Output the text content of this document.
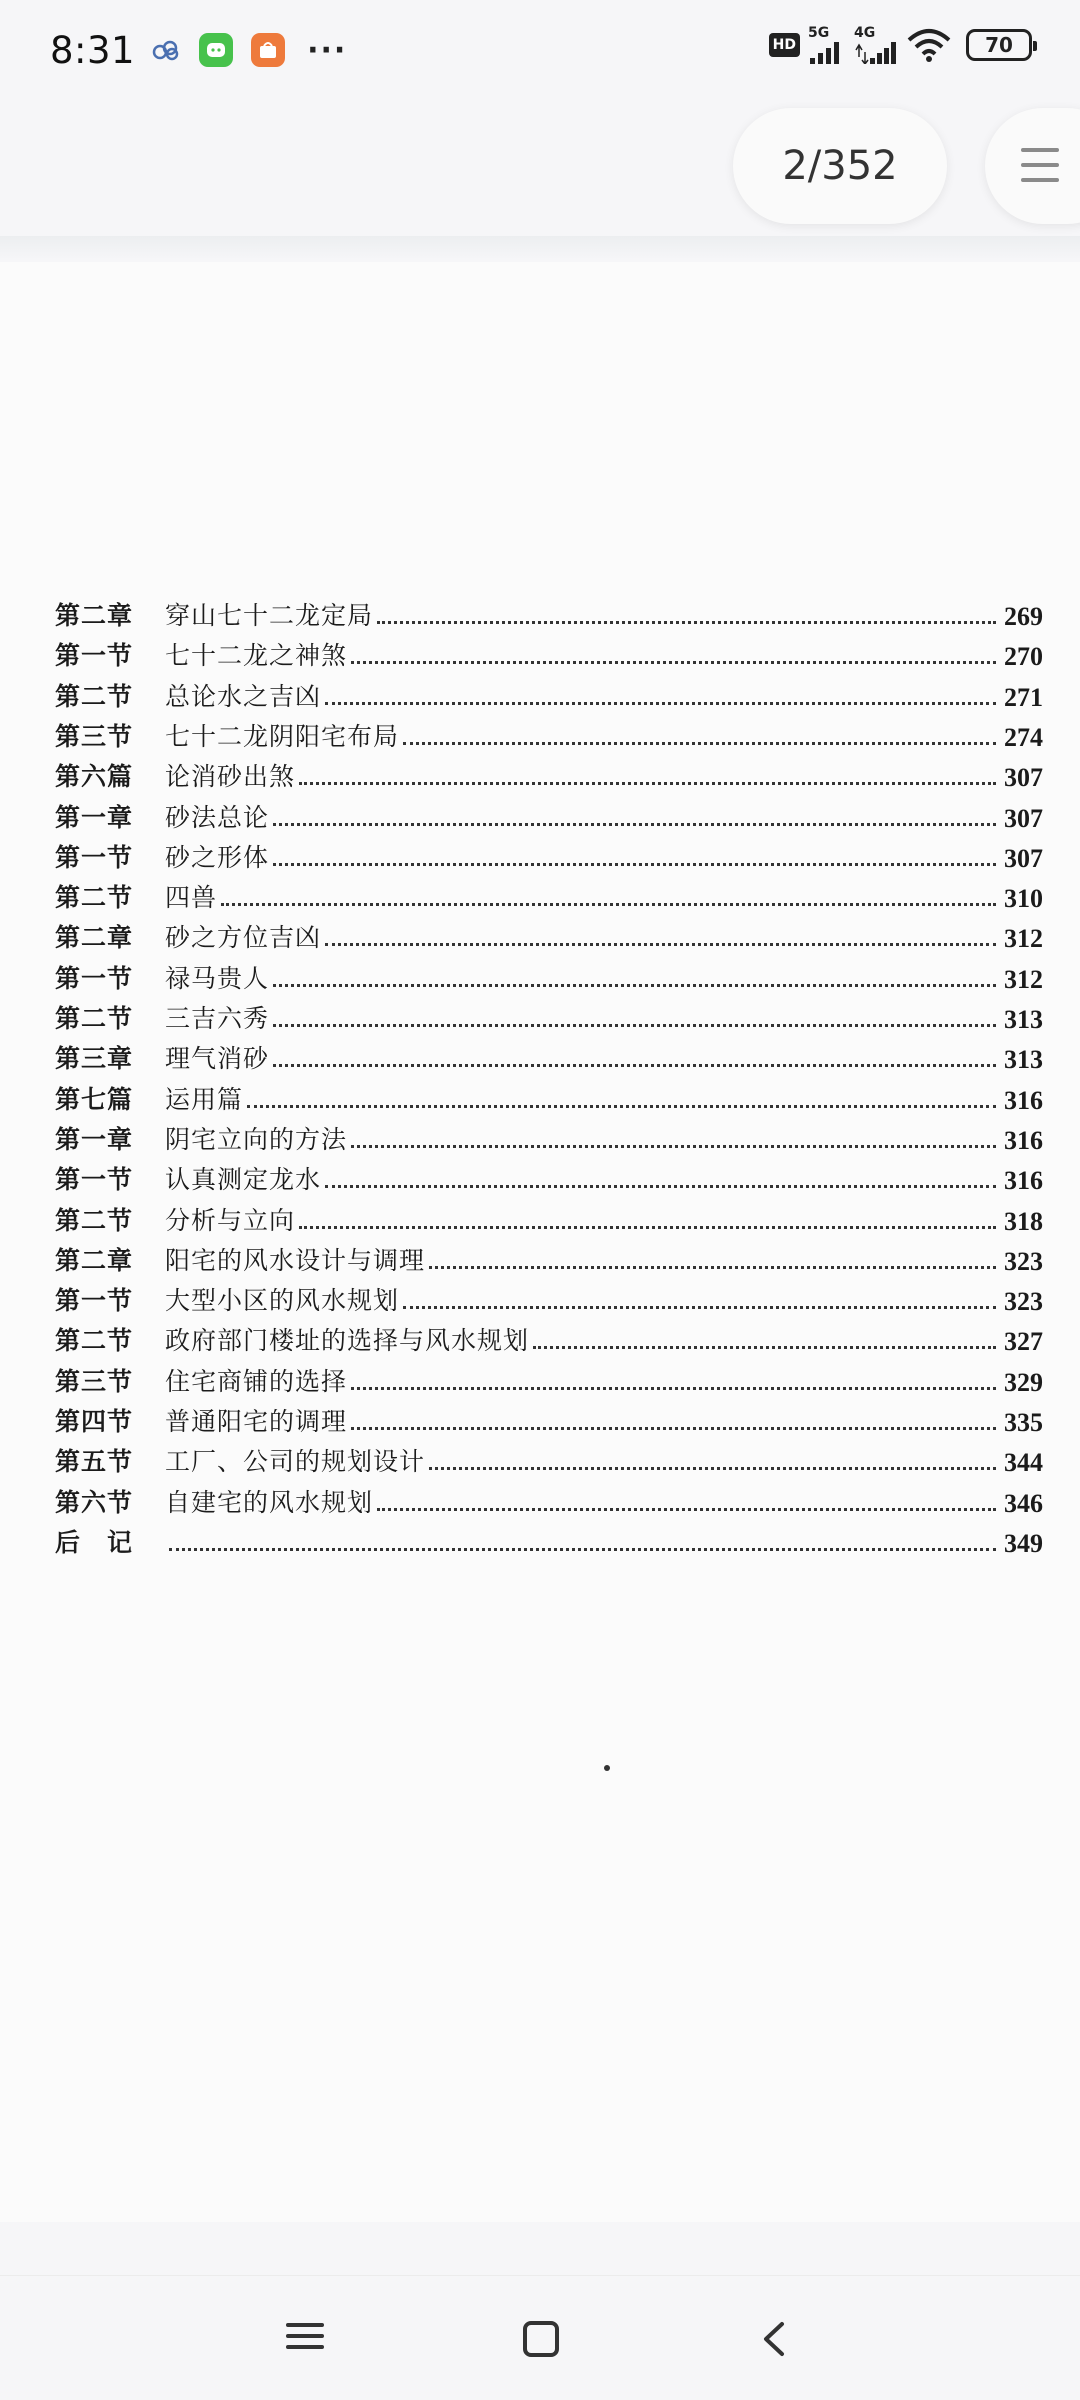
8:31	···	HD
5G 4G	70
2/352
第二章	穿山七十二龙定局	269
第一节	七十二龙之神煞	270
第二节	总论水之吉凶	271
第三节	七十二龙阴阳宅布局	274
第六篇	论消砂出煞	307
第一章	砂法总论	307
第一节	砂之形体	307
第二节	四兽	310
第二章	砂之方位吉凶	312
第一节	禄马贵人	312
第二节	三吉六秀	313
第三章	理气消砂	313
第七篇	运用篇	316
第一章	阴宅立向的方法	316
第一节	认真测定龙水	316
第二节	分析与立向	318
第二章	阳宅的风水设计与调理	323
第一节	大型小区的风水规划	323
第二节	政府部门楼址的选择与风水规划	327
第三节	住宅商铺的选择	329
第四节	普通阳宅的调理	335
第五节	工厂、公司的规划设计	344
第六节	自建宅的风水规划	346
后　记	349
